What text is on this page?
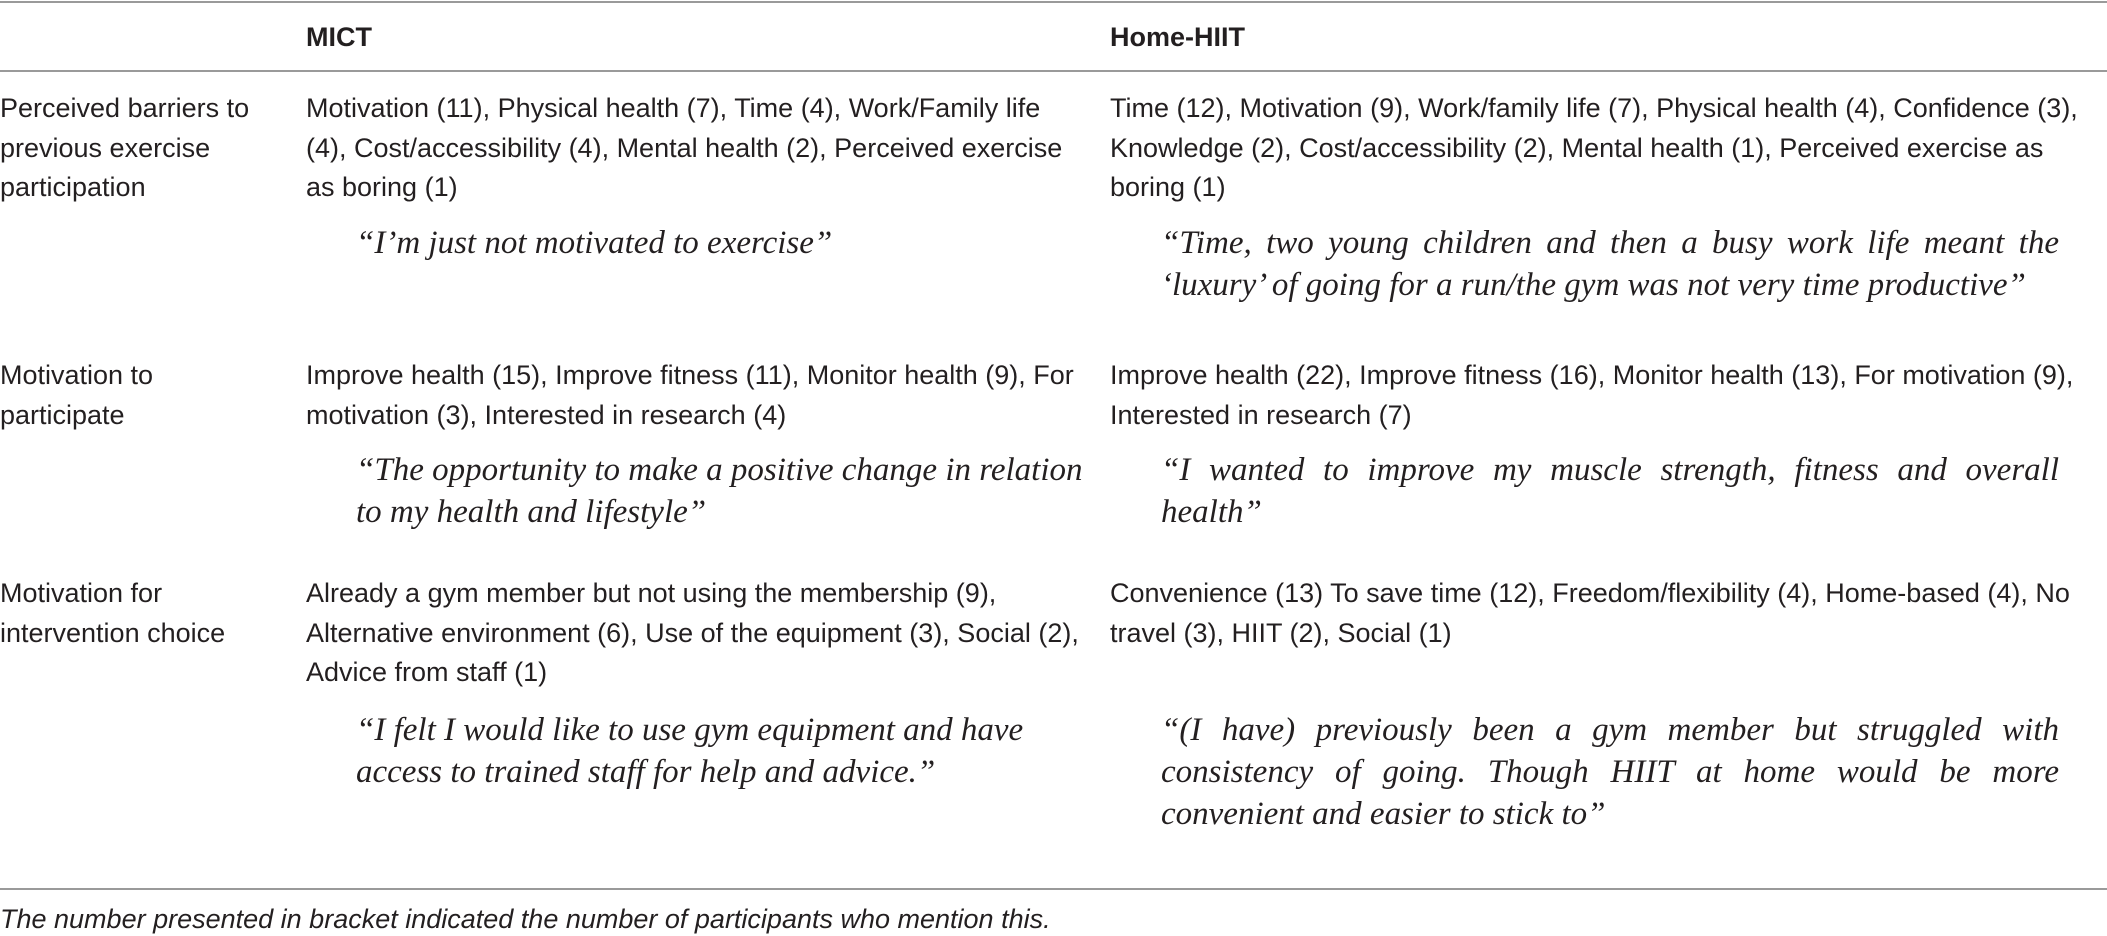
MICT	Home-HIIT
Perceived barriers to previous exercise participation
Motivation (11), Physical health (7), Time (4), Work/Family life (4), Cost/accessibility (4), Mental health (2), Perceived exercise as boring (1)
“I’m just not motivated to exercise”
Time (12), Motivation (9), Work/family life (7), Physical health (4), Confidence (3), Knowledge (2), Cost/accessibility (2), Mental health (1), Perceived exercise as boring (1)
“Time, two young children and then a busy work life meant the ‘luxury’ of going for a run/the gym was not very time productive”
Motivation to participate
Improve health (15), Improve fitness (11), Monitor health (9), For motivation (3), Interested in research (4)
“The opportunity to make a positive change in relation to my health and lifestyle”
Improve health (22), Improve fitness (16), Monitor health (13), For motivation (9), Interested in research (7)
“I wanted to improve my muscle strength, fitness and overall health”
Motivation for intervention choice
Already a gym member but not using the membership (9), Alternative environment (6), Use of the equipment (3), Social (2), Advice from staff (1)
“I felt I would like to use gym equipment and have access to trained staff for help and advice.”
Convenience (13) To save time (12), Freedom/flexibility (4), Home-based (4), No travel (3), HIIT (2), Social (1)
“(I have) previously been a gym member but struggled with consistency of going. Though HIIT at home would be more convenient and easier to stick to”
The number presented in bracket indicated the number of participants who mention this.
